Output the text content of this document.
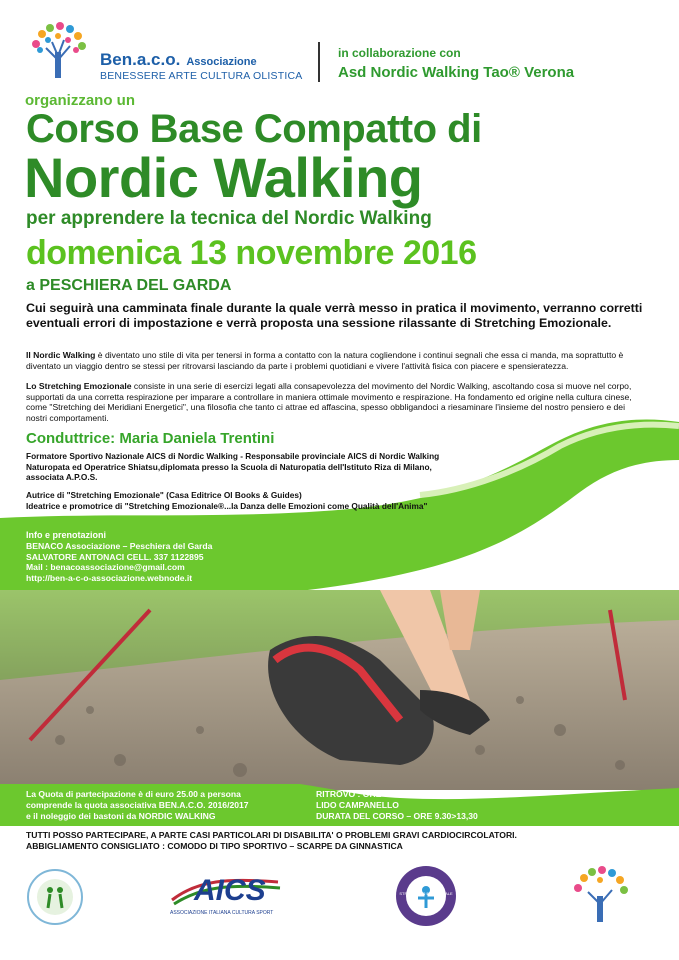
Ben.a.c.o. Associazione
BENESSERE ARTE CULTURA OLISTICA
in collaborazione con
Asd Nordic Walking Tao® Verona
organizzano un
Corso Base Compatto di
Nordic Walking
per apprendere la tecnica del Nordic Walking
domenica 13 novembre 2016
a PESCHIERA DEL GARDA
Cui seguirà una camminata finale durante la quale verrà messo in pratica il movimento, verranno corretti eventuali errori di impostazione e verrà proposta una sessione rilassante di Stretching Emozionale.
Il Nordic Walking è diventato uno stile di vita per tenersi in forma a contatto con la natura cogliendone i continui segnali che essa ci manda, ma soprattutto è diventato un viaggio dentro se stessi per ritrovarsi lasciando da parte i problemi quotidiani e vivere l'attività fisica con piacere e spensieratezza.
Lo Stretching Emozionale consiste in una serie di esercizi legati alla consapevolezza del movimento del Nordic Walking, ascoltando cosa si muove nel corpo, supportati da una corretta respirazione per imparare a controllare in maniera ottimale movimento e respirazione. Ha fondamento ed origine nella cultura cinese, come "Stretching dei Meridiani Energetici", una filosofia che tanto ci attrae ed affascina, spesso obbligandoci a riesaminare l'insieme del nostro pensiero e dei nostri comportamenti.
Conduttrice: Maria Daniela Trentini
Formatore Sportivo Nazionale AICS di Nordic Walking - Responsabile provinciale AICS di Nordic Walking
Naturopata ed Operatrice Shiatsu,diplomata presso la Scuola di Naturopatia dell'Istituto Riza di Milano,
associata A.P.O.S.
Autrice di "Stretching Emozionale" (Casa Editrice Ol Books & Guides)
Ideatrice e promotrice di "Stretching Emozionale®...la Danza delle Emozioni come Qualità dell'Anima"
Info e prenotazioni
BENACO Associazione – Peschiera del Garda
SALVATORE ANTONACI CELL. 337 1122895
Mail : benacoassociazione@gmail.com
http://ben-a-c-o-associazione.webnode.it
La Quota di partecipazione è di euro 25.00 a persona
comprende la quota associativa BEN.A.C.O. 2016/2017
e il noleggio dei bastoni da NORDIC WALKING
RITROVO : ORE 9.00
LIDO CAMPANELLO
DURATA DEL CORSO – ORE 9.30>13,30
TUTTI POSSO PARTECIPARE, A PARTE CASI PARTICOLARI DI DISABILITA' O PROBLEMI GRAVI CARDIOCIRCOLATORI.
ABBIGLIAMENTO CONSIGLIATO : COMODO DI TIPO SPORTIVO – SCARPE DA GINNASTICA
AICS
ASSOCIAZIONE ITALIANA CULTURA SPORT
STRETCHING EMOZIONALE
